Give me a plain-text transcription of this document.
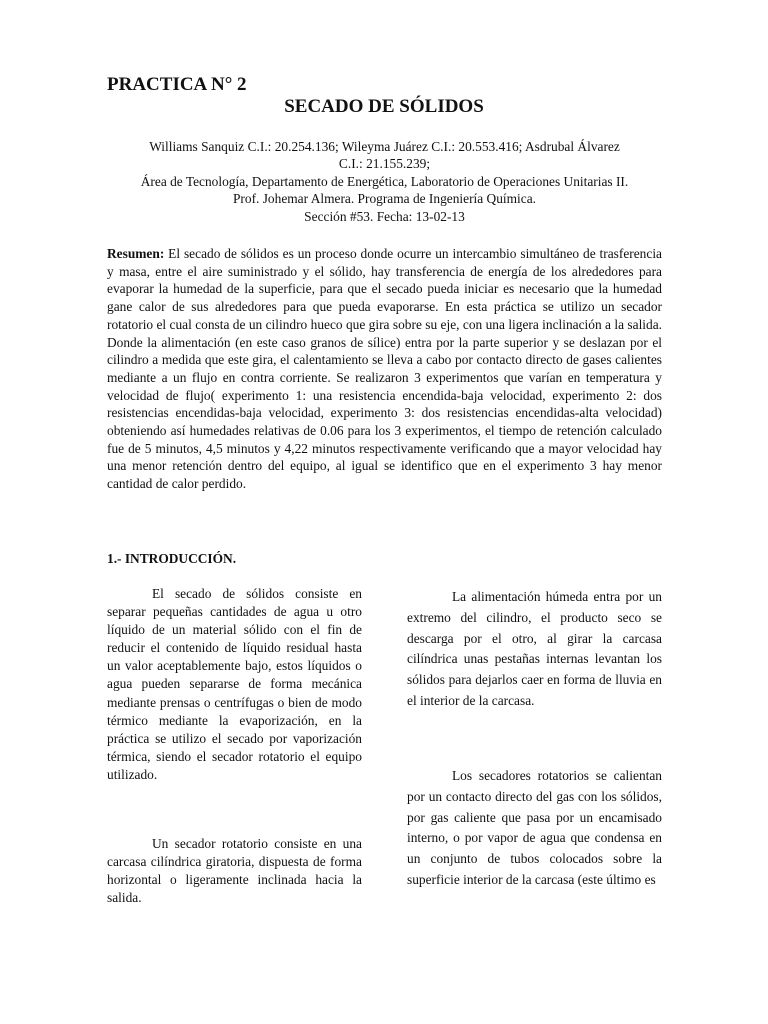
PRACTICA N° 2
SECADO DE SÓLIDOS
Williams Sanquiz C.I.: 20.254.136; Wileyma Juárez C.I.: 20.553.416; Asdrubal Álvarez
C.I.: 21.155.239;
Área de Tecnología, Departamento de Energética, Laboratorio de Operaciones Unitarias II.
Prof. Johemar Almera. Programa de Ingeniería Química.
Sección #53. Fecha: 13-02-13

Resumen: El secado de sólidos es un proceso donde ocurre un intercambio simultáneo de trasferencia y masa, entre el aire suministrado y el sólido, hay transferencia de energía de los alrededores para evaporar la humedad de la superficie, para que el secado pueda iniciar es necesario que la humedad gane calor de sus alrededores para que pueda evaporarse. En esta práctica se utilizo un secador rotatorio el cual consta de un cilindro hueco que gira sobre su eje, con una ligera inclinación a la salida. Donde la alimentación (en este caso granos de sílice) entra por la parte superior y se deslazan por el cilindro a medida que este gira, el calentamiento se lleva a cabo por contacto directo de gases calientes mediante a un flujo en contra corriente. Se realizaron 3 experimentos que varían en temperatura y velocidad de flujo( experimento 1: una resistencia encendida-baja velocidad, experimento 2: dos resistencias encendidas-baja velocidad, experimento 3: dos resistencias encendidas-alta velocidad) obteniendo así humedades relativas de 0.06 para los 3 experimentos, el tiempo de retención calculado fue de 5 minutos, 4,5 minutos y 4,22 minutos respectivamente verificando que a mayor velocidad hay una menor retención dentro del equipo, al igual se identifico que en el experimento 3 hay menor cantidad de calor perdido.

1.- INTRODUCCIÓN.

El secado de sólidos consiste en separar pequeñas cantidades de agua u otro líquido de un material sólido con el fin de reducir el contenido de líquido residual hasta un valor aceptablemente bajo, estos líquidos o agua pueden separarse de forma mecánica mediante prensas o centrífugas o bien de modo térmico mediante la evaporización, en la práctica se utilizo el secado por vaporización térmica, siendo el secador rotatorio el equipo utilizado.

Un secador rotatorio consiste en una carcasa cilíndrica giratoria, dispuesta de forma horizontal o ligeramente inclinada hacia la salida.

La alimentación húmeda entra por un extremo del cilindro, el producto seco se descarga por el otro, al girar la carcasa cilíndrica unas pestañas internas levantan los sólidos para dejarlos caer en forma de lluvia en el interior de la carcasa.

Los secadores rotatorios se calientan por un contacto directo del gas con los sólidos, por gas caliente que pasa por un encamisado interno, o por vapor de agua que condensa en un conjunto de tubos colocados sobre la superficie interior de la carcasa (este último es
